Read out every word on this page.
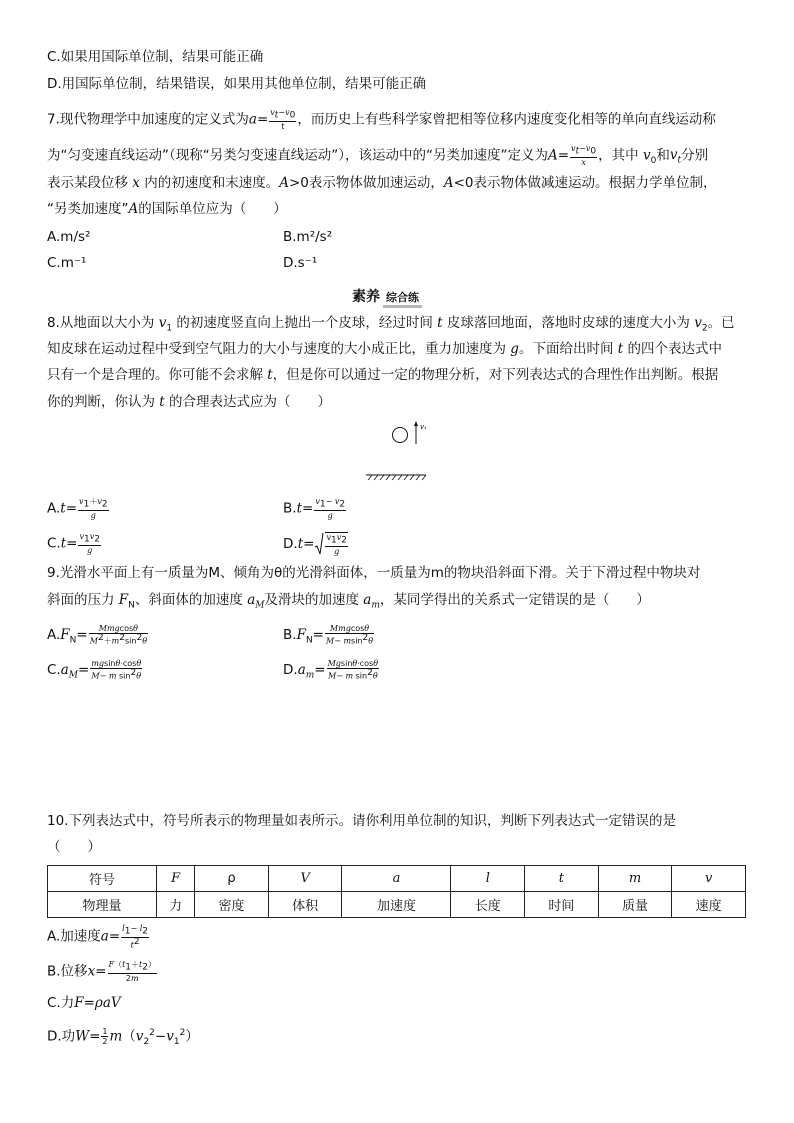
C.如果用国际单位制，结果可能正确
D.用国际单位制，结果错误，如果用其他单位制，结果可能正确
7.现代物理学中加速度的定义式为$a= \frac{v_t-v_0}{t}$ ，而历史上有些科学家曾把相等位移内速度变化相等的单向直线运动称
为“匀变速直线运动”（现称“另类匀变速直线运动”），该运动中的“另类加速度”定义为$A= \frac{v_t-v_0}{x}$ ，其中 $v_0$和$v_t$分别
表示某段位移 x 内的初速度和末速度。A>0表示物体做加速运动，A<0表示物体做减速运动。根据力学单位制，
“另类加速度”A的国际单位应为（　　）
A.m/s²	B.m²/s²
C.m⁻¹	D.s⁻¹
素养 综合练
8.从地面以大小为 $v_1$ 的初速度竖直向上抛出一个皮球，经过时间 t 皮球落回地面，落地时皮球的速度大小为 $v_2$。已
知皮球在运动过程中受到空气阻力的大小与速度的大小成正比，重力加速度为 g。下面给出时间 t 的四个表达式中
只有一个是合理的。你可能不会求解 t，但是你可以通过一定的物理分析，对下列表达式的合理性作出判断。根据
你的判断，你认为 t 的合理表达式应为（　　）
v₁
$A.t= \frac{v_1+v_2}{g}$	$B.t= \frac{v_1- v_2}{g}$
$C.t= \frac{v_1v_2}{g}$	$D.t= \frac{v_1v_2}{g}$
9.光滑水平面上有一质量为M、倾角为θ的光滑斜面体，一质量为m的物块沿斜面下滑。关于下滑过程中物块对
斜面的压力 $F_N$、斜面体的加速度 $a_M$及滑块的加速度 $a_m$，某同学得出的关系式一定错误的是（　　）
$A.F_N= \frac{\text{Mmgcosθ}}{M^2+m^2\sin^2\theta}$	$B.F_N= \frac{\text{Mmgcosθ}}{M- msin^2\theta}$
$C.a_M= \frac{mgsin\theta\cdot\cos\theta}{M- m \sin^2\theta}$	$D.a_m= \frac{Mgsin\theta\cdot\cos\theta}{M- m \sin^2\theta}$
10.下列表达式中，符号所表示的物理量如表所示。请你利用单位制的知识，判断下列表达式一定错误的是
（　　）
符号	F	ρ	V	a	l	t	m	v
物理量	力	密度	体积	加速度	长度	时间	质量	速度
A.加速度$a= \frac{l_1- l_2}{t^2}$
B.位移$x= \frac{F(t_1+t_2)}{2m}$
C.力F=ρaV
D.功$W= \frac{1}{2} m(v_2^2-v_1^2)$
